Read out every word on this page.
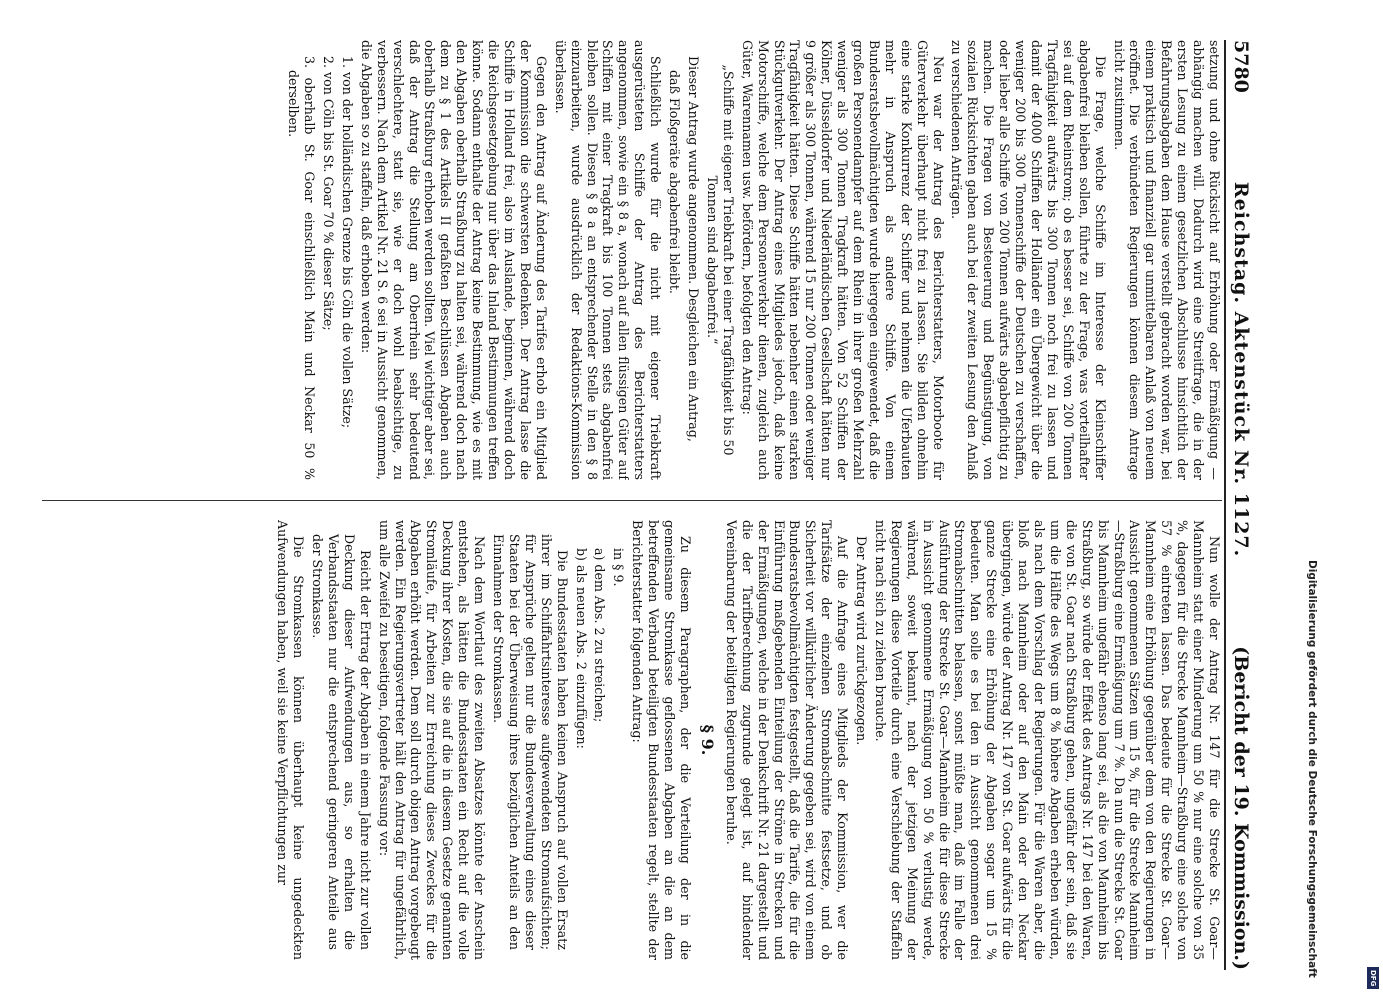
5780
Reichstag. Aktenstück Nr. 1127.
(Bericht der 19. Kommission.)

setzung und ohne Rücksicht auf Erhöhung oder Ermäßigung — abhängig machen will. Dadurch wird eine Streitfrage, die in der ersten Lesung zu einem gesetzlichen Abschlusse hinsichtlich der Befahrungsabgaben dem Hause verstellt gebracht worden war, bei einem praktisch und finanziell gar unmittelbaren Anlaß von neuem eröffnet. Die verbündeten Regierungen können diesem Antrage nicht zustimmen.

Die Frage, welche Schiffe im Interesse der Kleinschiffer abgabenfrei bleiben sollen, führte zu der Frage, was vorteilhafter sei auf dem Rheinstrom; ob es besser sei, Schiffe von 200 Tonnen Tragfähigkeit aufwärts bis 300 Tonnen noch frei zu lassen und damit der 4000 Schiffen der Holländer ein Übergewicht über die weniger 200 bis 300 Tonnenschiffe der Deutschen zu verschaffen, oder lieber alle Schiffe von 200 Tonnen aufwärts abgabepflichtig zu machen. Die Fragen von Besteuerung und Begünstigung, von sozialen Rücksichten gaben auch bei der zweiten Lesung den Anlaß zu verschiedenen Anträgen.

Neu war der Antrag des Berichterstatters, Motorboote für Güterverkehr überhaupt nicht frei zu lassen. Sie bilden ohnehin eine starke Konkurrenz der Schiffer und nehmen die Uferbauten mehr in Anspruch als andere Schiffe. Von einem Bundesratsbevollmächtigten wurde hiergegen eingewendet, daß die großen Personendampfer auf dem Rhein in ihrer großen Mehrzahl weniger als 300 Tonnen Tragkraft hätten. Von 52 Schiffen der Kölner, Düsseldorfer und Niederländischen Gesellschaft hätten nur 9 größer als 300 Tonnen, während 15 nur 200 Tonnen oder weniger Tragfähigkeit hätten. Diese Schiffe hätten nebenher einen starken Stückgutverkehr. Der Antrag eines Mitgliedes jedoch, daß keine Motorschiffe, welche dem Personenverkehr dienen, zugleich auch Güter, Warennamen usw. befördern, befolgten den Antrag:

„Schiffe mit eigener Triebkraft bei einer Tragfähigkeit bis 50 Tonnen sind abgabenfrei.“

Dieser Antrag wurde angenommen. Desgleichen ein Antrag,

daß Floßgeräte abgabenfrei bleibt.

Schließlich wurde für die nicht mit eigener Triebkraft ausgerüsteten Schiffe der Antrag des Berichterstatters angenommen, sowie ein § 8 a, wonach auf allen flüssigen Güter auf Schiffen mit einer Tragkraft bis 100 Tonnen stets abgabenfrei bleiben sollen. Diesen § 8 a an entsprechender Stelle in den § 8 einzuarbeiten, wurde ausdrücklich der Redaktions-Kommission überlassen.

Gegen den Antrag auf Änderung des Tarifes erhob ein Mitglied der Kommission die schwersten Bedenken. Der Antrag lasse die Schiffe in Holland frei, also im Auslande, beginnen, während doch die Reichsgesetzgebung nur über das Inland Bestimmungen treffen könne. Sodann enthalte der Antrag keine Bestimmung, wie es mit den Abgaben oberhalb Straßburg zu halten sei, während doch nach dem zu § 1 des Artikels II gefaßten Beschlüssen Abgaben auch oberhalb Straßburg erhoben werden sollten. Viel wichtiger aber sei, daß der Antrag die Stellung am Oberrhein sehr bedeutend verschlechtere, statt sie, wie er doch wohl beabsichtige, zu verbessern. Nach dem Artikel Nr. 21 S. 6 sei in Aussicht genommen, die Abgaben so zu staffeln, daß erhoben werden:

1. von der holländischen Grenze bis Cöln die vollen Sätze;

2. von Cöln bis St. Goar 70 % dieser Sätze;

3. oberhalb St. Goar einschließlich Main und Neckar 50 % derselben.

Nun wolle der Antrag Nr. 147 für die Strecke St. Goar—Mannheim statt einer Minderung um 50 % nur eine solche von 35 %, dagegen für die Strecke Mannheim—Straßburg eine solche von 57 % eintreten lassen. Das bedeute für die Strecke St. Goar—Mannheim eine Erhöhung gegenüber dem von den Regierungen in Aussicht genommenen Sätzen um 15 %, für die Strecke Mannheim—Straßburg eine Ermäßigung um 7 %. Da nun die Strecke St. Goar bis Mannheim ungefähr ebenso lang sei, als die von Mannheim bis Straßburg, so würde der Effekt des Antrags Nr. 147 bei den Waren, die von St. Goar nach Straßburg gehen, ungefähr der sein, daß sie um die Hälfte des Wegs um 8 % höhere Abgaben erheben würden, als nach dem Vorschlag der Regierungen. Für die Waren aber, die bloß nach Mannheim oder auf den Main oder den Neckar übergingen, würde der Antrag Nr. 147 von St. Goar aufwärts für die ganze Strecke eine Erhöhung der Abgaben sogar um 15 % bedeuten. Man solle es bei den in Aussicht genommenen drei Stromabschnitten belassen, sonst müßte man, daß im Falle der Ausführung der Strecke St. Goar—Mannheim die für diese Strecke in Aussicht genommene Ermäßigung von 50 % verlustig werde, während, soweit bekannt, nach der jetzigen Meinung der Regierungen diese Vorteile durch eine Verschiebung der Staffeln nicht nach sich zu ziehen brauche.

Der Antrag wird zurückgezogen.

Auf die Anfrage eines Mitglieds der Kommission, wer die Tarifsätze der einzelnen Stromabschnitte festsetze, und ob Sicherheit vor willkürlicher Änderung gegeben sei, wird von einem Bundesratsbevollmächtigten festgestellt, daß die Tarife, die für die Einführung maßgebenden Einteilung der Ströme in Strecken und der Ermäßigungen, welche in der Denkschrift Nr. 21 dargestellt und die der Tarifberechnung zugrunde gelegt ist, auf bindender Vereinbarung der beteiligten Regierungen beruhe.

§ 9.

Zu diesem Paragraphen, der die Verteilung der in die gemeinsame Stromkasse geflossenen Abgaben an die an dem betreffenden Verband beteiligten Bundesstaaten regelt, stellte der Berichterstatter folgenden Antrag:

in § 9.

a) dem Abs. 2 zu streichen;

b) als neuen Abs. 2 einzufügen:

Die Bundesstaaten haben keinen Anspruch auf vollen Ersatz ihrer im Schiffahrtsinteresse aufgewendeten Stromaufsichten; für Ansprüche gelten nur die Bundesverwaltung eines dieser Staaten bei der Überweisung ihres bezüglichen Anteils an den Einnahmen der Stromkassen.

Nach dem Wortlaut des zweiten Absatzes könnte der Anschein entstehen, als hätten die Bundesstaaten ein Recht auf die volle Deckung ihrer Kosten, die sie auf die in diesem Gesetze genannten Stromläufe, für Arbeiten zur Erreichung dieses Zweckes für die Abgaben erhöht werden. Dem soll durch obigen Antrag vorgebeugt werden. Ein Regierungsvertreter hält den Antrag für ungefährlich, um alle Zweifel zu beseitigen, folgende Fassung vor:

Reicht der Ertrag der Abgaben in einem Jahre nicht zur vollen Deckung dieser Aufwendungen aus, so erhalten die Verbandsstaaten nur die entsprechend geringeren Anteile aus der Stromkasse.

Die Stromkassen können überhaupt keine ungedeckten Aufwendungen haben, weil sie keine Verpflichtungen zur	Digitalisierung gefördert durch die Deutsche Forschungsgemeinschaft
DFG
